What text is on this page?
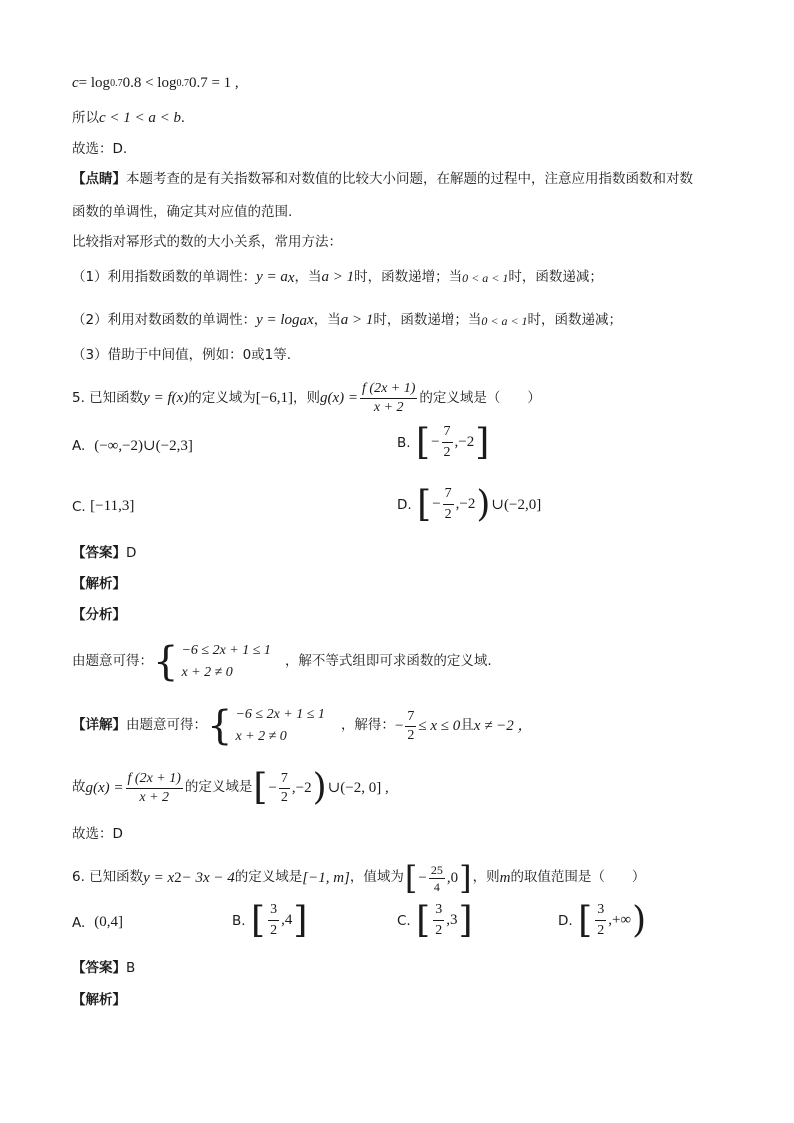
c = log 0.7 0.8 < log 0.7 0.7 = 1 ,
所以 c < 1 < a < b .
故选：D.
【点睛】 本题考查的是有关指数幂和对数值的比较大小问题，在解题的过程中，注意应用指数函数和对数
函数的单调性，确定其对应值的范围.
比较指对幂形式的数的大小关系，常用方法：
（1）利用指数函数的单调性： y = a x ，当 a > 1 时，函数递增；当 0 < a < 1 时，函数递减；
（2）利用对数函数的单调性： y = log a x ，当 a > 1 时，函数递增；当 0 < a < 1 时，函数递减；
（3）借助于中间值，例如：0或1等.
5. 已知函数 y = f(x) 的定义域为 [−6,1] ，则 $g(x) = \frac{f (2x + 1)}{x + 2}$ 的定义域是（　　）
A.
(−∞,−2)∪(−2,3]	B.
[ − $\frac{7}{2} ,-2$ ]
C.
[−11,3]	D.
[ − $\frac{7}{2} ,-2$ ) ∪(−2,0]
【答案】 D
【解析】
【分析】
由题意可得： { −6 ≤ 2x + 1 ≤ 1
x + 2 ≠ 0
，解不等式组即可求函数的定义域.
【详解】 由题意可得： { −6 ≤ 2x + 1 ≤ 1
x + 2 ≠ 0
，解得： − $\frac{7}{2} \le x \le 0$ 且 x ≠ −2 ，
故 $g(x) = \frac{f (2x + 1)}{x + 2}$ 的定义域是 [ − $\frac{7}{2} ,-2$ ) ∪(−2, 0] ,
故选：D
6. 已知函数 y = x 2 − 3x − 4 的定义域是 [−1, m] ，值域为 [ − $\frac{25}{4} ,0$ ] ，则 m 的取值范围是（　　）
A.
(0,4]	B.
[ $\frac{3}{2} ,4$ ]	C.
[ $\frac{3}{2} ,3$ ]	D.
[ $\frac{3}{2}$ ,+∞ )
【答案】 B
【解析】
